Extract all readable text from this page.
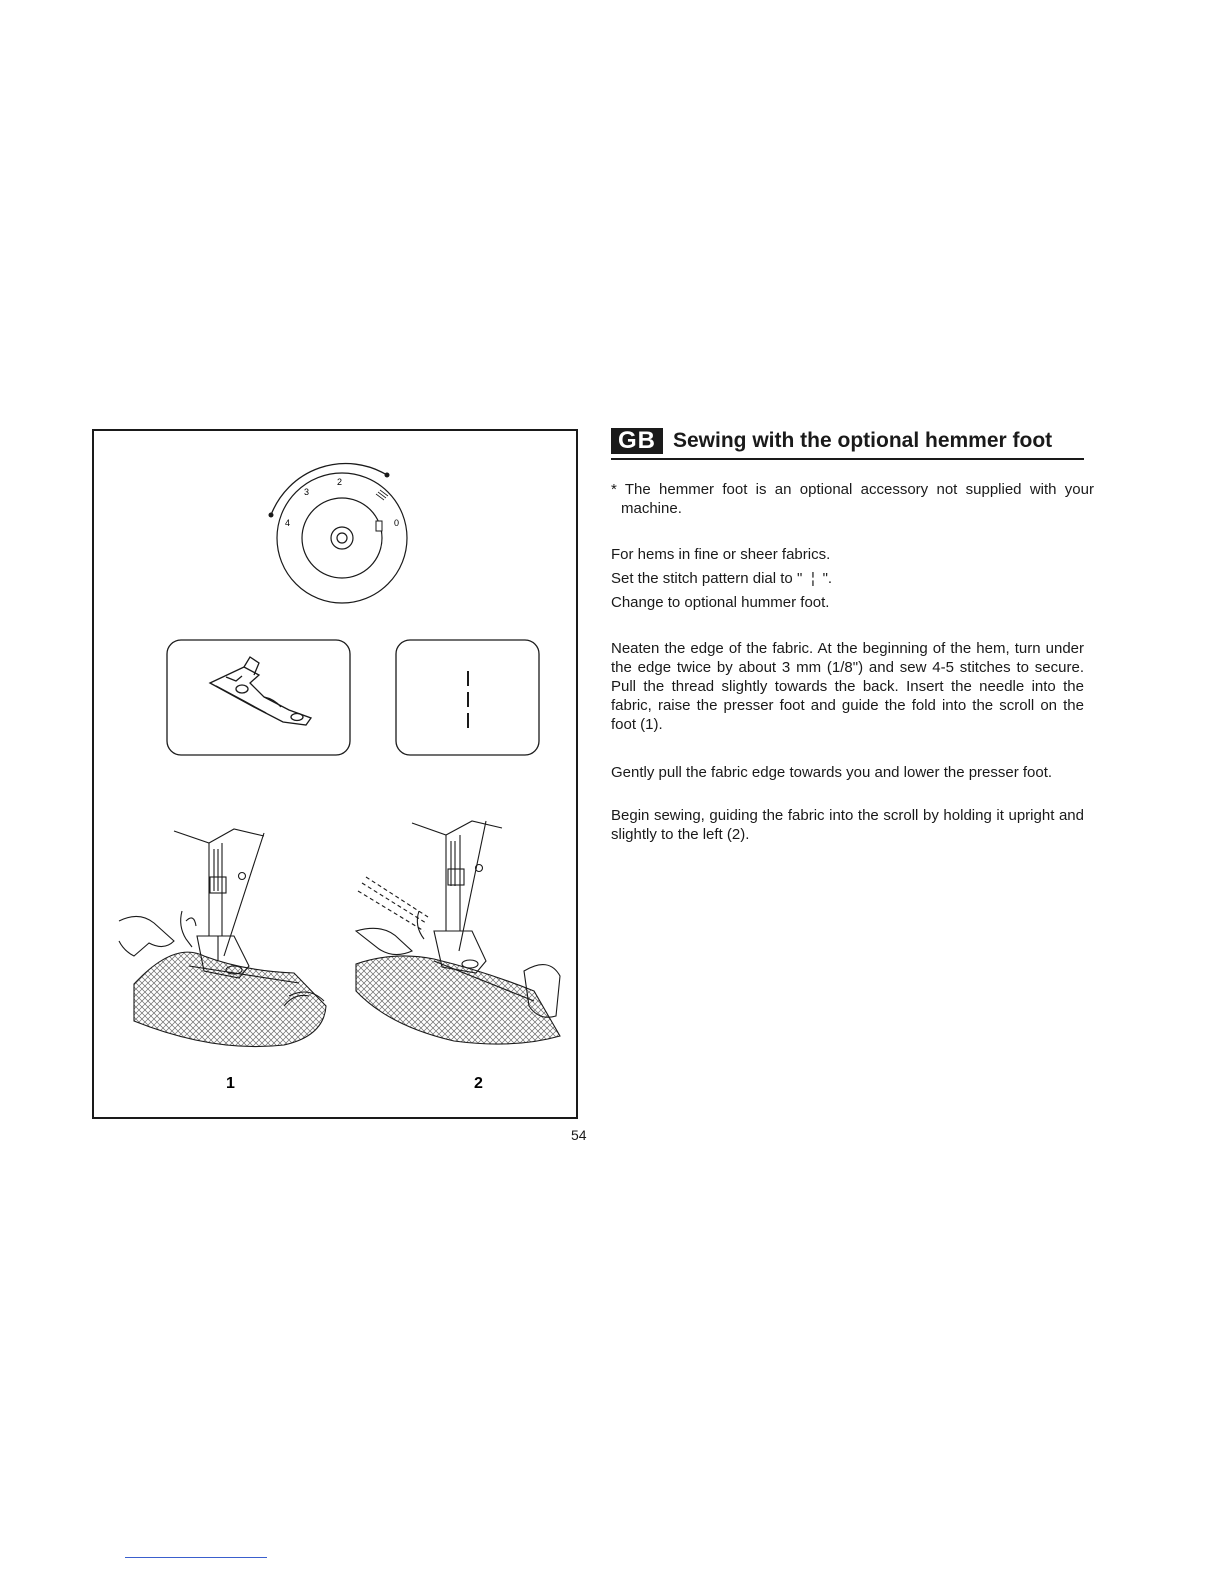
4
3
2
0
1	2
54
GB Sewing with the optional hemmer foot

* The hemmer foot is an optional accessory not supplied with your machine.

For hems in fine or sheer fabrics.

Set the stitch pattern dial to " ¦ ".

Change to optional hummer foot.

Neaten the edge of the fabric. At the beginning of the hem, turn under the edge twice by about 3 mm (1/8") and sew 4-5 stitches to secure. Pull the thread slightly towards the back. Insert the needle into the fabric, raise the presser foot and guide the fold into the scroll on the foot (1).

Gently pull the fabric edge towards you and lower the presser foot.

Begin sewing, guiding the fabric into the scroll by holding it upright and slightly to the left (2).
